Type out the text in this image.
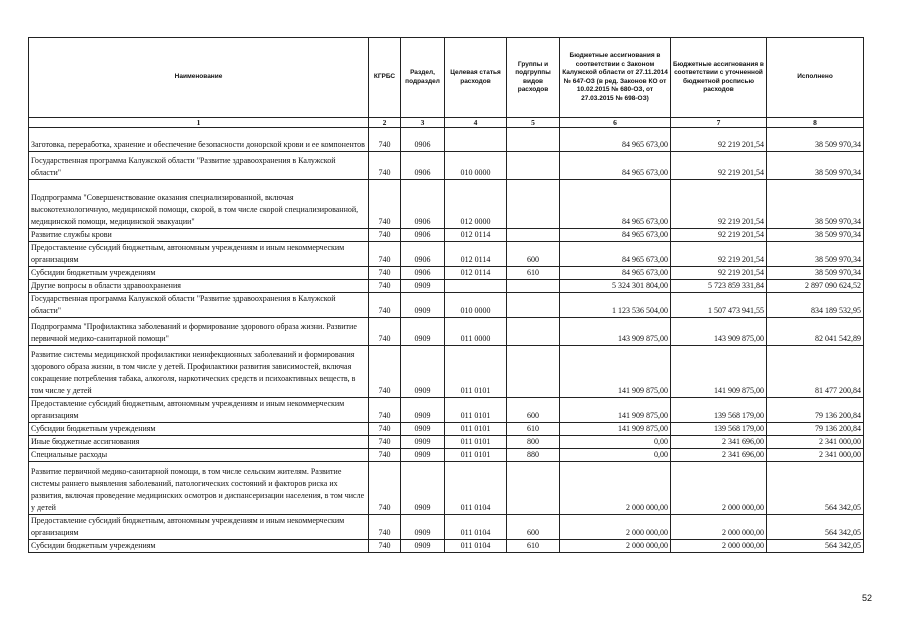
Наименование	КГРБС	Раздел, подраздел	Целевая статья расходов	Группы и подгруппы видов расходов	Бюджетные ассигнования в соответствии с Законом Калужской области от 27.11.2014 № 647-ОЗ (в ред. Законов КО от 10.02.2015 № 680-ОЗ, от 27.03.2015 № 698-ОЗ)	Бюджетные ассигнования в соответствии с уточненной бюджетной росписью расходов	Исполнено
1	2	3	4	5	6	7	8
Заготовка, переработка, хранение и обеспечение безопасности донорской крови и ее компонентов	740	0906			84 965 673,00	92 219 201,54	38 509 970,34
Государственная программа Калужской области "Развитие здравоохранения в Калужской области"	740	0906	010 0000		84 965 673,00	92 219 201,54	38 509 970,34
Подпрограмма "Совершенствование оказания специализированной, включая высокотехнологичную, медицинской помощи, скорой, в том числе скорой специализированной, медицинской помощи, медицинской эвакуации"	740	0906	012 0000		84 965 673,00	92 219 201,54	38 509 970,34
Развитие службы крови	740	0906	012 0114		84 965 673,00	92 219 201,54	38 509 970,34
Предоставление субсидий бюджетным, автономным учреждениям и иным некоммерческим организациям	740	0906	012 0114	600	84 965 673,00	92 219 201,54	38 509 970,34
Субсидии бюджетным учреждениям	740	0906	012 0114	610	84 965 673,00	92 219 201,54	38 509 970,34
Другие вопросы в области здравоохранения	740	0909			5 324 301 804,00	5 723 859 331,84	2 897 090 624,52
Государственная программа Калужской области "Развитие здравоохранения в Калужской области"	740	0909	010 0000		1 123 536 504,00	1 507 473 941,55	834 189 532,95
Подпрограмма "Профилактика заболеваний и формирование здорового образа жизни. Развитие первичной медико-санитарной помощи"	740	0909	011 0000		143 909 875,00	143 909 875,00	82 041 542,89
Развитие системы медицинской профилактики неинфекционных заболеваний и формирования здорового образа жизни, в том числе у детей. Профилактики развития зависимостей, включая сокращение потребления табака, алкоголя, наркотических средств и психоактивных веществ, в том числе у детей	740	0909	011 0101		141 909 875,00	141 909 875,00	81 477 200,84
Предоставление субсидий бюджетным, автономным учреждениям и иным некоммерческим организациям	740	0909	011 0101	600	141 909 875,00	139 568 179,00	79 136 200,84
Субсидии бюджетным учреждениям	740	0909	011 0101	610	141 909 875,00	139 568 179,00	79 136 200,84
Иные бюджетные ассигнования	740	0909	011 0101	800	0,00	2 341 696,00	2 341 000,00
Специальные расходы	740	0909	011 0101	880	0,00	2 341 696,00	2 341 000,00
Развитие первичной медико-санитарной помощи, в том числе сельским жителям. Развитие системы раннего выявления заболеваний, патологических состояний и факторов риска их развития, включая проведение медицинских осмотров и диспансеризации населения, в том числе у детей	740	0909	011 0104		2 000 000,00	2 000 000,00	564 342,05
Предоставление субсидий бюджетным, автономным учреждениям и иным некоммерческим организациям	740	0909	011 0104	600	2 000 000,00	2 000 000,00	564 342,05
Субсидии бюджетным учреждениям	740	0909	011 0104	610	2 000 000,00	2 000 000,00	564 342,05
52
